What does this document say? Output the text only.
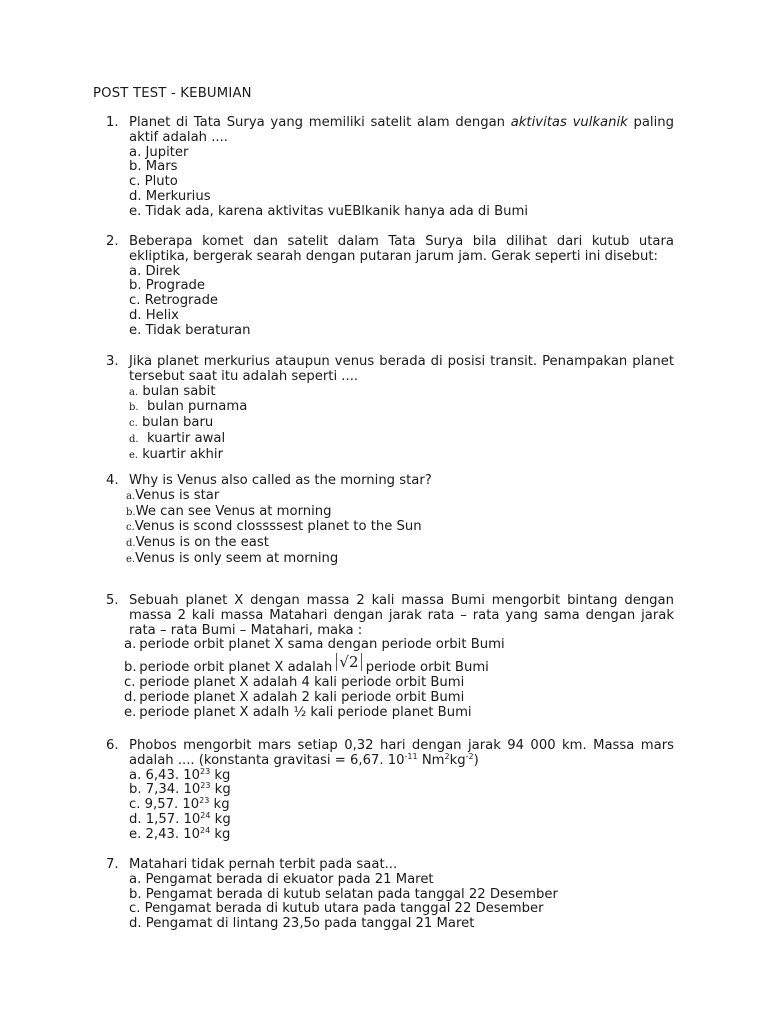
POST TEST - KEBUMIAN
1. Planet di Tata Surya yang memiliki satelit alam dengan aktivitas vulkanik paling aktif adalah ....
a. Jupiter
b. Mars
c. Pluto
d. Merkurius
e. Tidak ada, karena aktivitas vuEBlkanik hanya ada di Bumi
2. Beberapa komet dan satelit dalam Tata Surya bila dilihat dari kutub utara ekliptika, bergerak searah dengan putaran jarum jam. Gerak seperti ini disebut:
a. Direk
b. Prograde
c. Retrograde
d. Helix
e. Tidak beraturan
3. Jika planet merkurius ataupun venus berada di posisi transit. Penampakan planet tersebut saat itu adalah seperti ....
a. bulan sabit
b.  bulan purnama
c. bulan baru
d.  kuartir awal
e. kuartir akhir
4. Why is Venus also called as the morning star?
a.Venus is star
b.We can see Venus at morning
c.Venus is scond clossssest planet to the Sun
d.Venus is on the east
e.Venus is only seem at morning
5. Sebuah planet X dengan massa 2 kali massa Bumi mengorbit bintang dengan massa 2 kali massa Matahari dengan jarak rata – rata yang sama dengan jarak rata – rata Bumi – Matahari, maka :
a. periode orbit planet X sama dengan periode orbit Bumi
b. periode orbit planet X adalah √2 periode orbit Bumi
c. periode planet X adalah 4 kali periode orbit Bumi
d. periode planet X adalah 2 kali periode orbit Bumi
e. periode planet X adalh ½ kali periode planet Bumi
6. Phobos mengorbit mars setiap 0,32 hari dengan jarak 94 000 km. Massa mars adalah .... (konstanta gravitasi = 6,67. $10^{-11}$ $Nm^2kg^{-2}$)
a. 6,43. $10^{23}$ kg
b. 7,34. $10^{23}$ kg
c. 9,57. $10^{23}$ kg
d. 1,57. $10^{24}$ kg
e. 2,43. $10^{24}$ kg
7. Matahari tidak pernah terbit pada saat...
a. Pengamat berada di ekuator pada 21 Maret
b. Pengamat berada di kutub selatan pada tanggal 22 Desember
c. Pengamat berada di kutub utara pada tanggal 22 Desember
d. Pengamat di lintang 23,5o pada tanggal 21 Maret
